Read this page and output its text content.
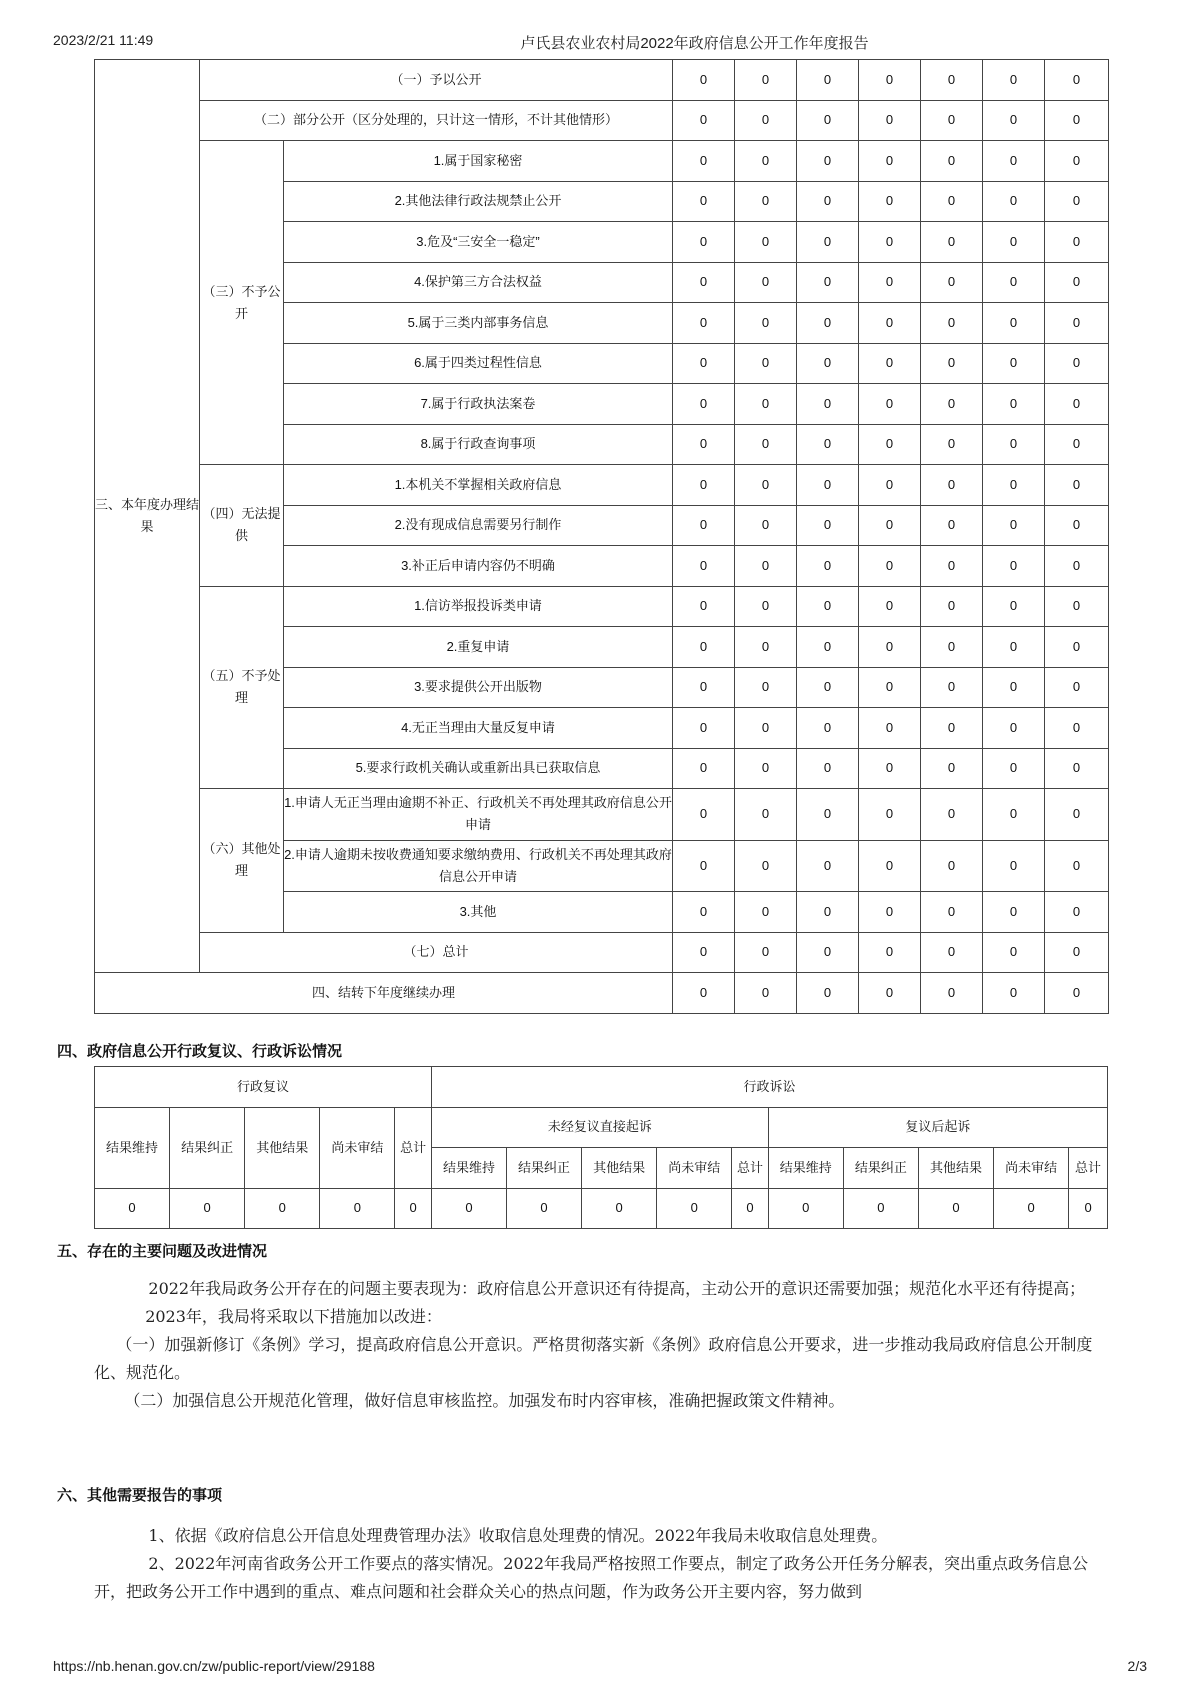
2023/2/21 11:49	卢氏县农业农村局2022年政府信息公开工作年度报告
三、本年度办理结果	（一）予以公开		0	0	0	0	0	0	0
	（二）部分公开（区分处理的，只计这一情形，不计其他情形）		0	0	0	0	0	0	0
	（三）不予公开	1.属于国家秘密	0	0	0	0	0	0	0
		2.其他法律行政法规禁止公开	0	0	0	0	0	0	0
		3.危及“三安全一稳定”	0	0	0	0	0	0	0
		4.保护第三方合法权益	0	0	0	0	0	0	0
		5.属于三类内部事务信息	0	0	0	0	0	0	0
		6.属于四类过程性信息	0	0	0	0	0	0	0
		7.属于行政执法案卷	0	0	0	0	0	0	0
		8.属于行政查询事项	0	0	0	0	0	0	0
	（四）无法提供	1.本机关不掌握相关政府信息	0	0	0	0	0	0	0
		2.没有现成信息需要另行制作	0	0	0	0	0	0	0
		3.补正后申请内容仍不明确	0	0	0	0	0	0	0
	（五）不予处理	1.信访举报投诉类申请	0	0	0	0	0	0	0
		2.重复申请	0	0	0	0	0	0	0
		3.要求提供公开出版物	0	0	0	0	0	0	0
		4.无正当理由大量反复申请	0	0	0	0	0	0	0
		5.要求行政机关确认或重新出具已获取信息	0	0	0	0	0	0	0
	（六）其他处理	1.申请人无正当理由逾期不补正、行政机关不再处理其政府信息公开申请	0	0	0	0	0	0	0
		2.申请人逾期未按收费通知要求缴纳费用、行政机关不再处理其政府信息公开申请	0	0	0	0	0	0	0
		3.其他	0	0	0	0	0	0	0
	（七）总计		0	0	0	0	0	0	0
四、结转下年度继续办理			0	0	0	0	0	0	0
四、政府信息公开行政复议、行政诉讼情况
行政复议					行政诉讼									
结果维持	结果纠正	其他结果	尚未审结	总计	未经复议直接起诉					复议后起诉				
					结果维持	结果纠正	其他结果	尚未审结	总计	结果维持	结果纠正	其他结果	尚未审结	总计
0	0	0	0	0	0	0	0	0	0	0	0	0	0	0
五、存在的主要问题及改进情况

2022年我局政务公开存在的问题主要表现为：政府信息公开意识还有待提高，主动公开的意识还需要加强；规范化水平还有待提高；

2023年，我局将采取以下措施加以改进：

（一）加强新修订《条例》学习，提高政府信息公开意识。严格贯彻落实新《条例》政府信息公开要求，进一步推动我局政府信息公开制度化、规范化。

（二）加强信息公开规范化管理，做好信息审核监控。加强发布时内容审核，准确把握政策文件精神。

六、其他需要报告的事项

1、依据《政府信息公开信息处理费管理办法》收取信息处理费的情况。2022年我局未收取信息处理费。

2、2022年河南省政务公开工作要点的落实情况。2022年我局严格按照工作要点，制定了政务公开任务分解表，突出重点政务信息公开，把政务公开工作中遇到的重点、难点问题和社会群众关心的热点问题，作为政务公开主要内容，努力做到

https://nb.henan.gov.cn/zw/public-report/view/29188	2/3
